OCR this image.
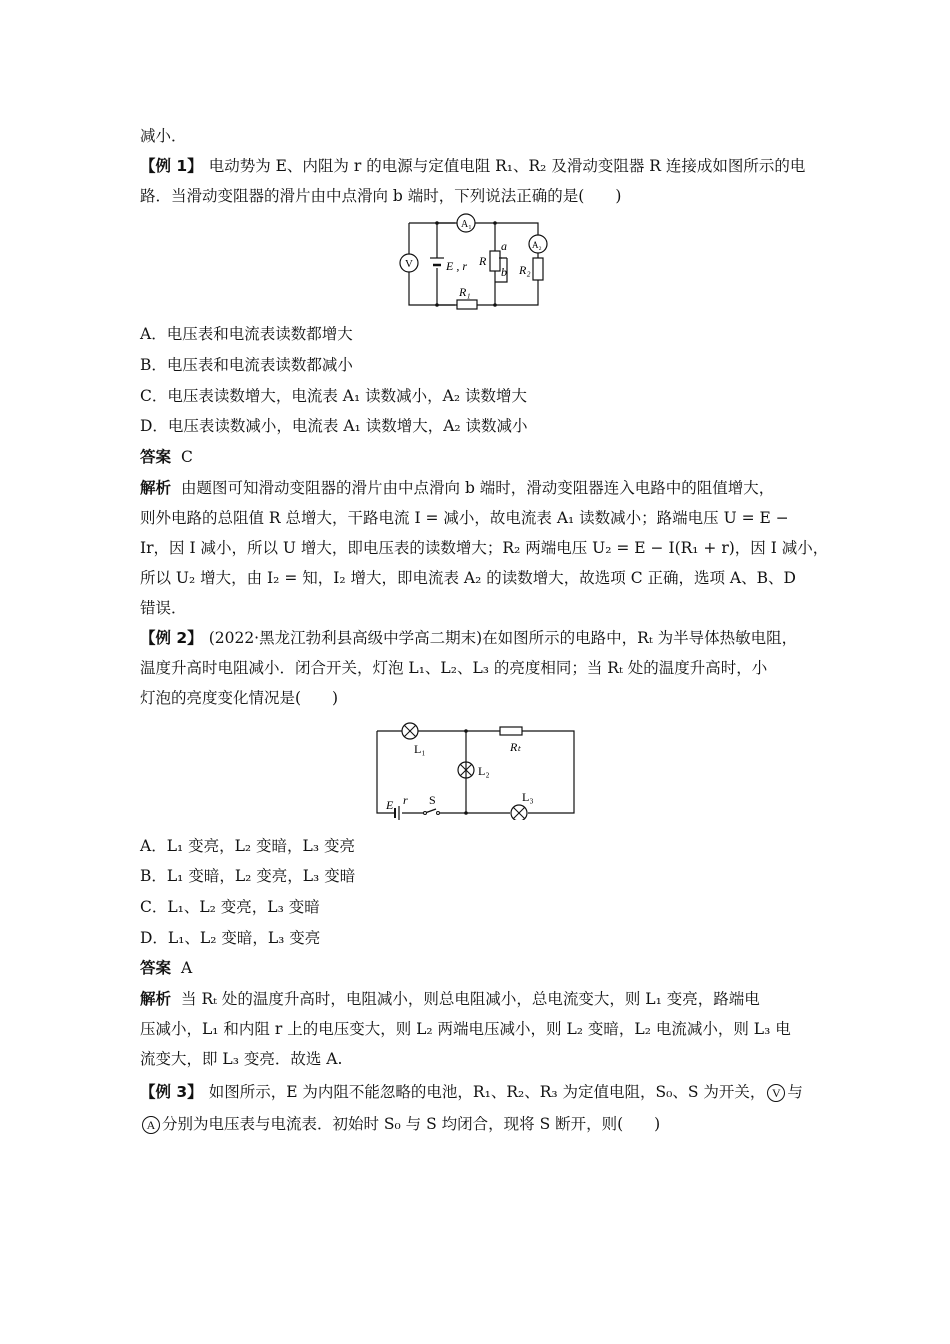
减小．
【例 1】 电动势为 E、内阻为 r 的电源与定值电阻 R₁、R₂ 及滑动变阻器 R 连接成如图所示的电
路．当滑动变阻器的滑片由中点滑向 b 端时，下列说法正确的是(　　)
V
A₁
A₂
E , r R
a
b R₂
R₁
A．电压表和电流表读数都增大
B．电压表和电流表读数都减小
C．电压表读数增大，电流表 A₁ 读数减小，A₂ 读数增大
D．电压表读数减小，电流表 A₁ 读数增大，A₂ 读数减小
答案 C
解析 由题图可知滑动变阻器的滑片由中点滑向 b 端时，滑动变阻器连入电路中的阻值增大，
则外电路的总阻值 R 总增大，干路电流 I = 减小，故电流表 A₁ 读数减小；路端电压 U = E −
Ir，因 I 减小，所以 U 增大，即电压表的读数增大；R₂ 两端电压 U₂ = E − I(R₁ + r)，因 I 减小，
所以 U₂ 增大，由 I₂ = 知，I₂ 增大，即电流表 A₂ 的读数增大，故选项 C 正确，选项 A、B、D
错误．
【例 2】 (2022·黑龙江勃利县高级中学高二期末)在如图所示的电路中，Rₜ 为半导体热敏电阻，
温度升高时电阻减小．闭合开关，灯泡 L₁、L₂、L₃ 的亮度相同；当 Rₜ 处的温度升高时，小
灯泡的亮度变化情况是(　　)
L₁
L₂
L₃
Rₜ
E r S
A．L₁ 变亮，L₂ 变暗，L₃ 变亮
B．L₁ 变暗，L₂ 变亮，L₃ 变暗
C．L₁、L₂ 变亮，L₃ 变暗
D．L₁、L₂ 变暗，L₃ 变亮
答案 A
解析 当 Rₜ 处的温度升高时，电阻减小，则总电阻减小，总电流变大，则 L₁ 变亮，路端电
压减小，L₁ 和内阻 r 上的电压变大，则 L₂ 两端电压减小，则 L₂ 变暗，L₂ 电流减小，则 L₃ 电
流变大，即 L₃ 变亮．故选 A.
【例 3】 如图所示，E 为内阻不能忽略的电池，R₁、R₂、R₃ 为定值电阻，S₀、S 为开关， V 与
A 分别为电压表与电流表．初始时 S₀ 与 S 均闭合，现将 S 断开，则(　　)
